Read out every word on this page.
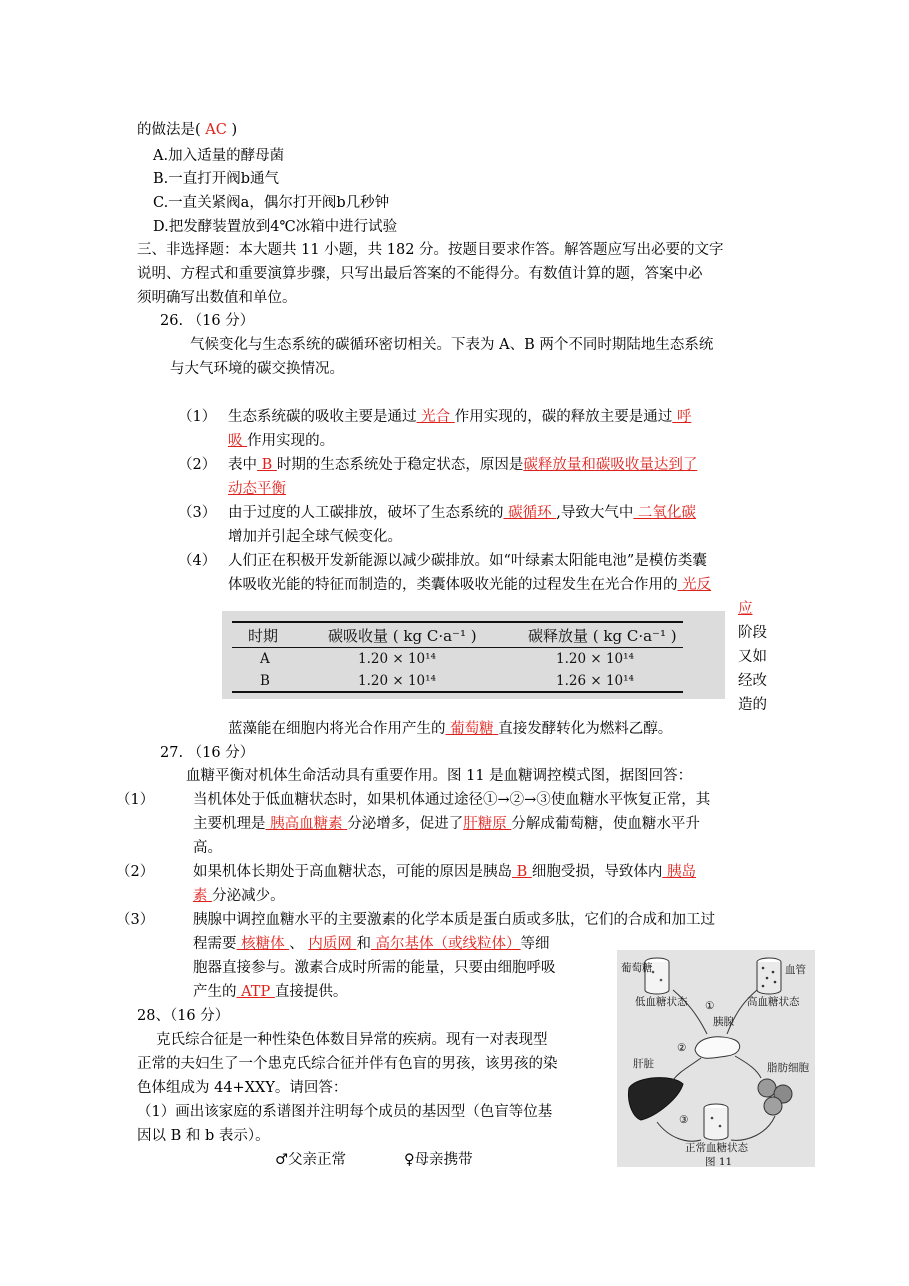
的做法是( AC )
A.加入适量的酵母菌
B.一直打开阀b通气
C.一直关紧阀a，偶尔打开阀b几秒钟
D.把发酵装置放到4℃冰箱中进行试验
三、非选择题：本大题共 11 小题，共 182 分。按题目要求作答。解答题应写出必要的文字
说明、方程式和重要演算步骤，只写出最后答案的不能得分。有数值计算的题，答案中必
须明确写出数值和单位。
26. （16 分）
气候变化与生态系统的碳循环密切相关。下表为 A、B 两个不同时期陆地生态系统
与大气环境的碳交换情况。
（1） 生态系统碳的吸收主要是通过 光合 作用实现的，碳的释放主要是通过 呼
吸 作用实现的。
（2） 表中 B 时期的生态系统处于稳定状态，原因是碳释放量和碳吸收量达到了
动态平衡
（3） 由于过度的人工碳排放，破坏了生态系统的 碳循环 ,导致大气中 二氧化碳
增加并引起全球气候变化。
（4） 人们正在积极开发新能源以减少碳排放。如“叶绿素太阳能电池”是模仿类囊
体吸收光能的特征而制造的，类囊体吸收光能的过程发生在光合作用的 光反
应
阶段
又如
经改
造的
蓝藻能在细胞内将光合作用产生的 葡萄糖 直接发酵转化为燃料乙醇。
时期	碳吸收量 ( kg C·a⁻¹ )	碳释放量 ( kg C·a⁻¹ )
A	1.20 × 10¹⁴	1.20 × 10¹⁴
B	1.20 × 10¹⁴	1.26 × 10¹⁴
27. （16 分）
血糖平衡对机体生命活动具有重要作用。图 11 是血糖调控模式图，据图回答：
（1）	当机体处于低血糖状态时，如果机体通过途径①→②→③使血糖水平恢复正常，其
主要机理是 胰高血糖素 分泌增多，促进了肝糖原 分解成葡萄糖，使血糖水平升
高。
（2）	如果机体长期处于高血糖状态，可能的原因是胰岛 B 细胞受损，导致体内 胰岛
素 分泌减少。
（3）	胰腺中调控血糖水平的主要激素的化学本质是蛋白质或多肽，它们的合成和加工过
程需要 核糖体 、 内质网 和 高尔基体（或线粒体）等细
胞器直接参与。激素合成时所需的能量，只要由细胞呼吸
产生的 ATP 直接提供。
葡萄糖	血管
低血糖状态	高血糖状态
①
胰腺
②
脂肪细胞
肝脏
③
正常血糖状态
图 11
28、（16 分）
克氏综合征是一种性染色体数目异常的疾病。现有一对表现型
正常的夫妇生了一个患克氏综合征并伴有色盲的男孩，该男孩的染
色体组成为 44+XXY。请回答：
（1）画出该家庭的系谱图并注明每个成员的基因型（色盲等位基
因以 B 和 b 表示）。
♂父亲正常	♀母亲携带
